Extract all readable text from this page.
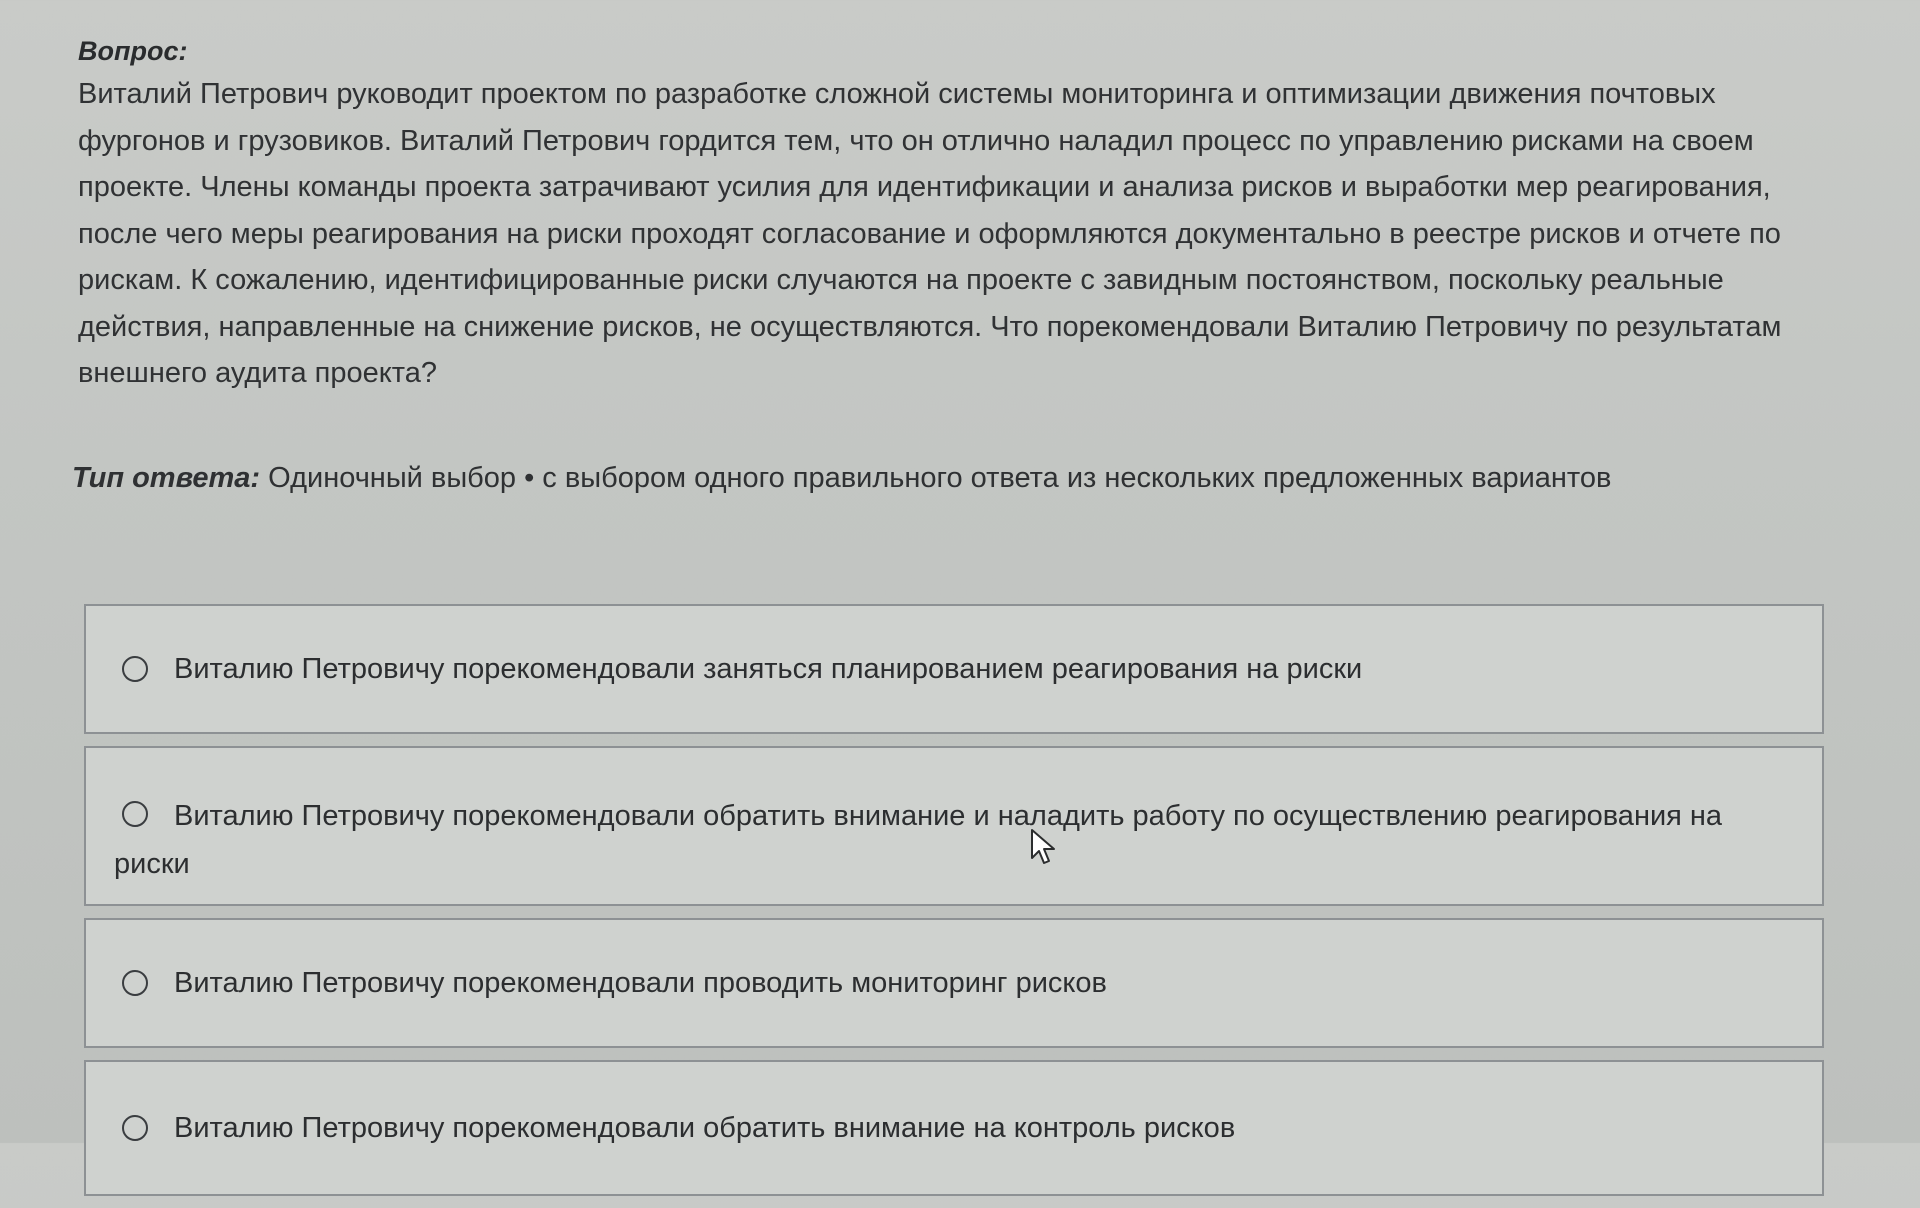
Вопрос:
Виталий Петрович руководит проектом по разработке сложной системы мониторинга и оптимизации движения почтовых фургонов и грузовиков. Виталий Петрович гордится тем, что он отлично наладил процесс по управлению рисками на своем проекте. Члены команды проекта затрачивают усилия для идентификации и анализа рисков и выработки мер реагирования, после чего меры реагирования на риски проходят согласование и оформляются документально в реестре рисков и отчете по рискам. К сожалению, идентифицированные риски случаются на проекте с завидным постоянством, поскольку реальные действия, направленные на снижение рисков, не осуществляются. Что порекомендовали Виталию Петровичу по результатам внешнего аудита проекта?
Тип ответа: Одиночный выбор • с выбором одного правильного ответа из нескольких предложенных вариантов
Виталию Петровичу порекомендовали заняться планированием реагирования на риски
Виталию Петровичу порекомендовали обратить внимание и наладить работу по осуществлению реагирования на риски
Виталию Петровичу порекомендовали проводить мониторинг рисков
Виталию Петровичу порекомендовали обратить внимание на контроль рисков
